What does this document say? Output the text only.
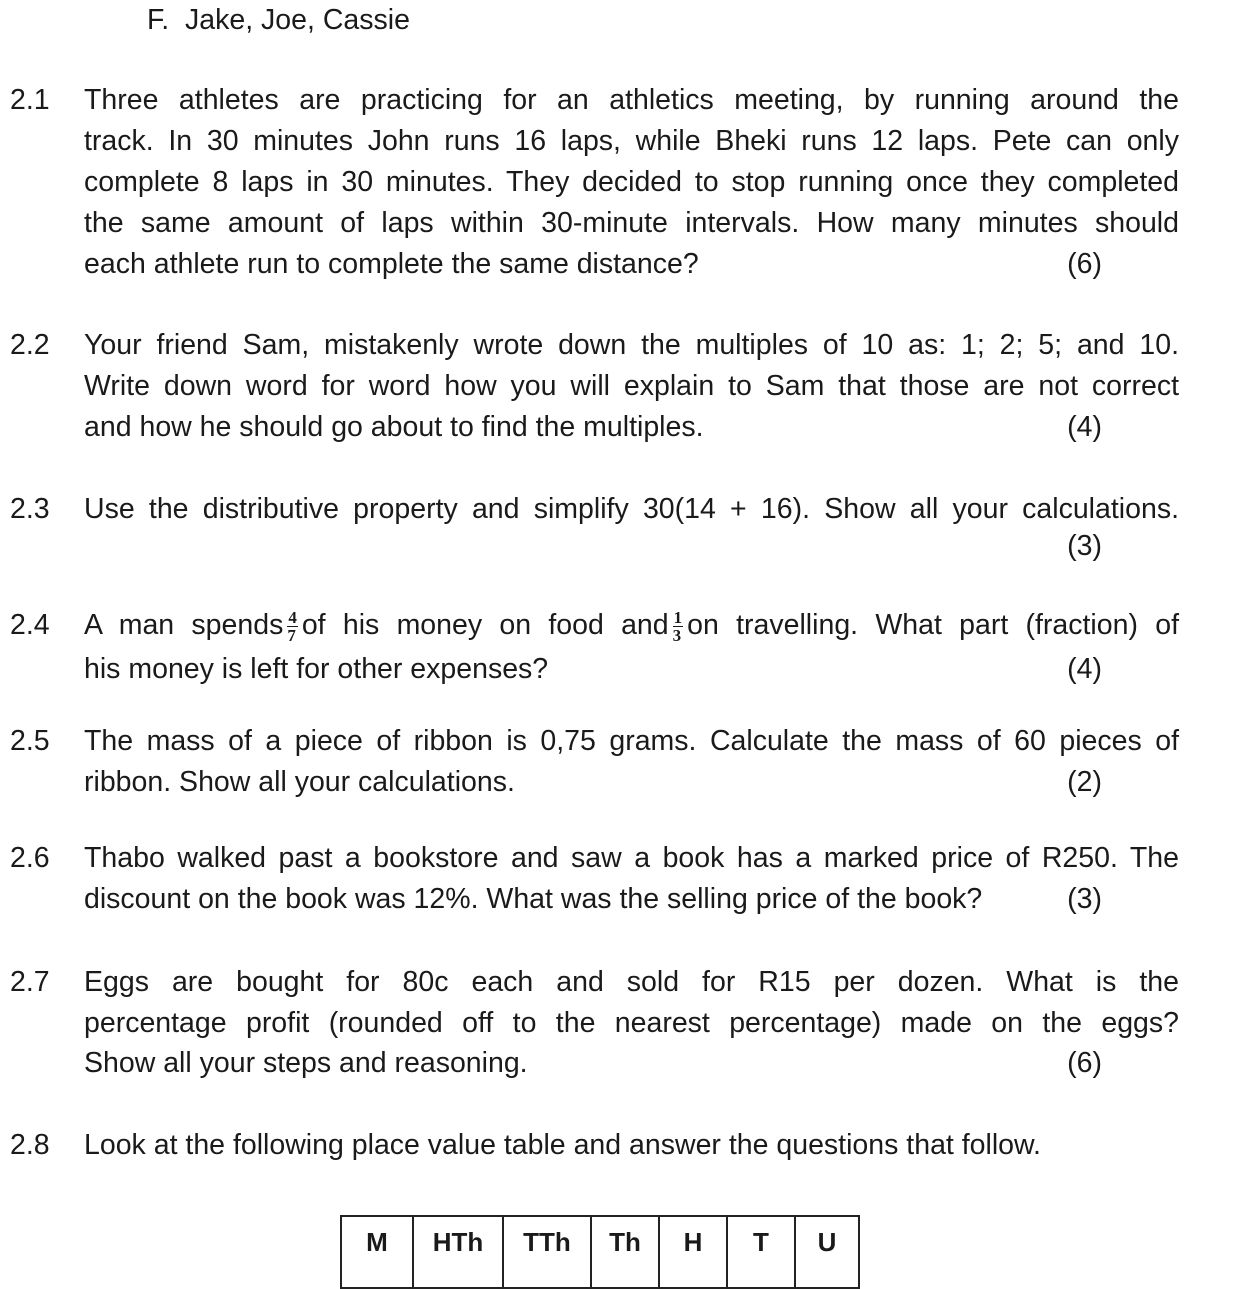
F. Jake, Joe, Cassie
2.1 Three athletes are practicing for an athletics meeting, by running around the
track. In 30 minutes John runs 16 laps, while Bheki runs 12 laps. Pete can only
complete 8 laps in 30 minutes. They decided to stop running once they completed
the same amount of laps within 30-minute intervals. How many minutes should
each athlete run to complete the same distance?	(6)
2.2 Your friend Sam, mistakenly wrote down the multiples of 10 as: 1; 2; 5; and 10.
Write down word for word how you will explain to Sam that those are not correct
and how he should go about to find the multiples.	(4)
2.3 Use the distributive property and simplify 30(14 + 16). Show all your calculations.
(3)
2.4 A man spends $\frac{4}{7}$ of his money on food and $\frac{1}{3}$ on travelling. What part (fraction) of
his money is left for other expenses?	(4)
2.5 The mass of a piece of ribbon is 0,75 grams. Calculate the mass of 60 pieces of
ribbon. Show all your calculations.	(2)
2.6 Thabo walked past a bookstore and saw a book has a marked price of R250. The
discount on the book was 12%. What was the selling price of the book?	(3)
2.7 Eggs are bought for 80c each and sold for R15 per dozen. What is the
percentage profit (rounded off to the nearest percentage) made on the eggs?
Show all your steps and reasoning.	(6)
2.8 Look at the following place value table and answer the questions that follow.
M	HTh	TTh	Th	H	T	U
